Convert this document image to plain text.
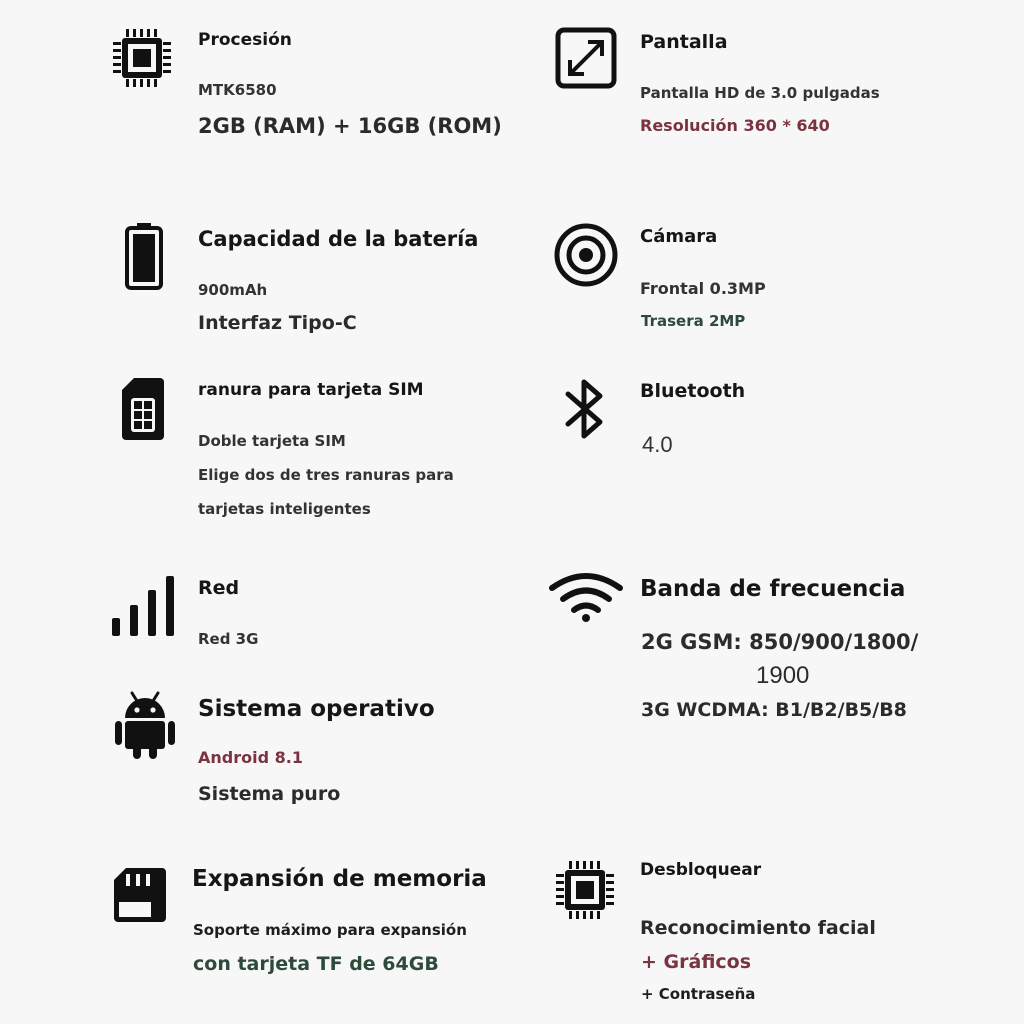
Procesión

MTK6580

2GB (RAM) + 16GB (ROM)

Pantalla

Pantalla HD de 3.0 pulgadas

Resolución 360 * 640

Capacidad de la batería

900mAh

Interfaz Tipo-C

Cámara

Frontal 0.3MP

Trasera 2MP

ranura para tarjeta SIM

Doble tarjeta SIM

Elige dos de tres ranuras para

tarjetas inteligentes

Bluetooth

4.0

Red

Red 3G

Banda de frecuencia

2G GSM: 850/900/1800/

1900

3G WCDMA: B1/B2/B5/B8

Sistema operativo

Android 8.1

Sistema puro

Expansión de memoria

Soporte máximo para expansión

con tarjeta TF de 64GB

Desbloquear

Reconocimiento facial

+ Gráficos

+ Contraseña
